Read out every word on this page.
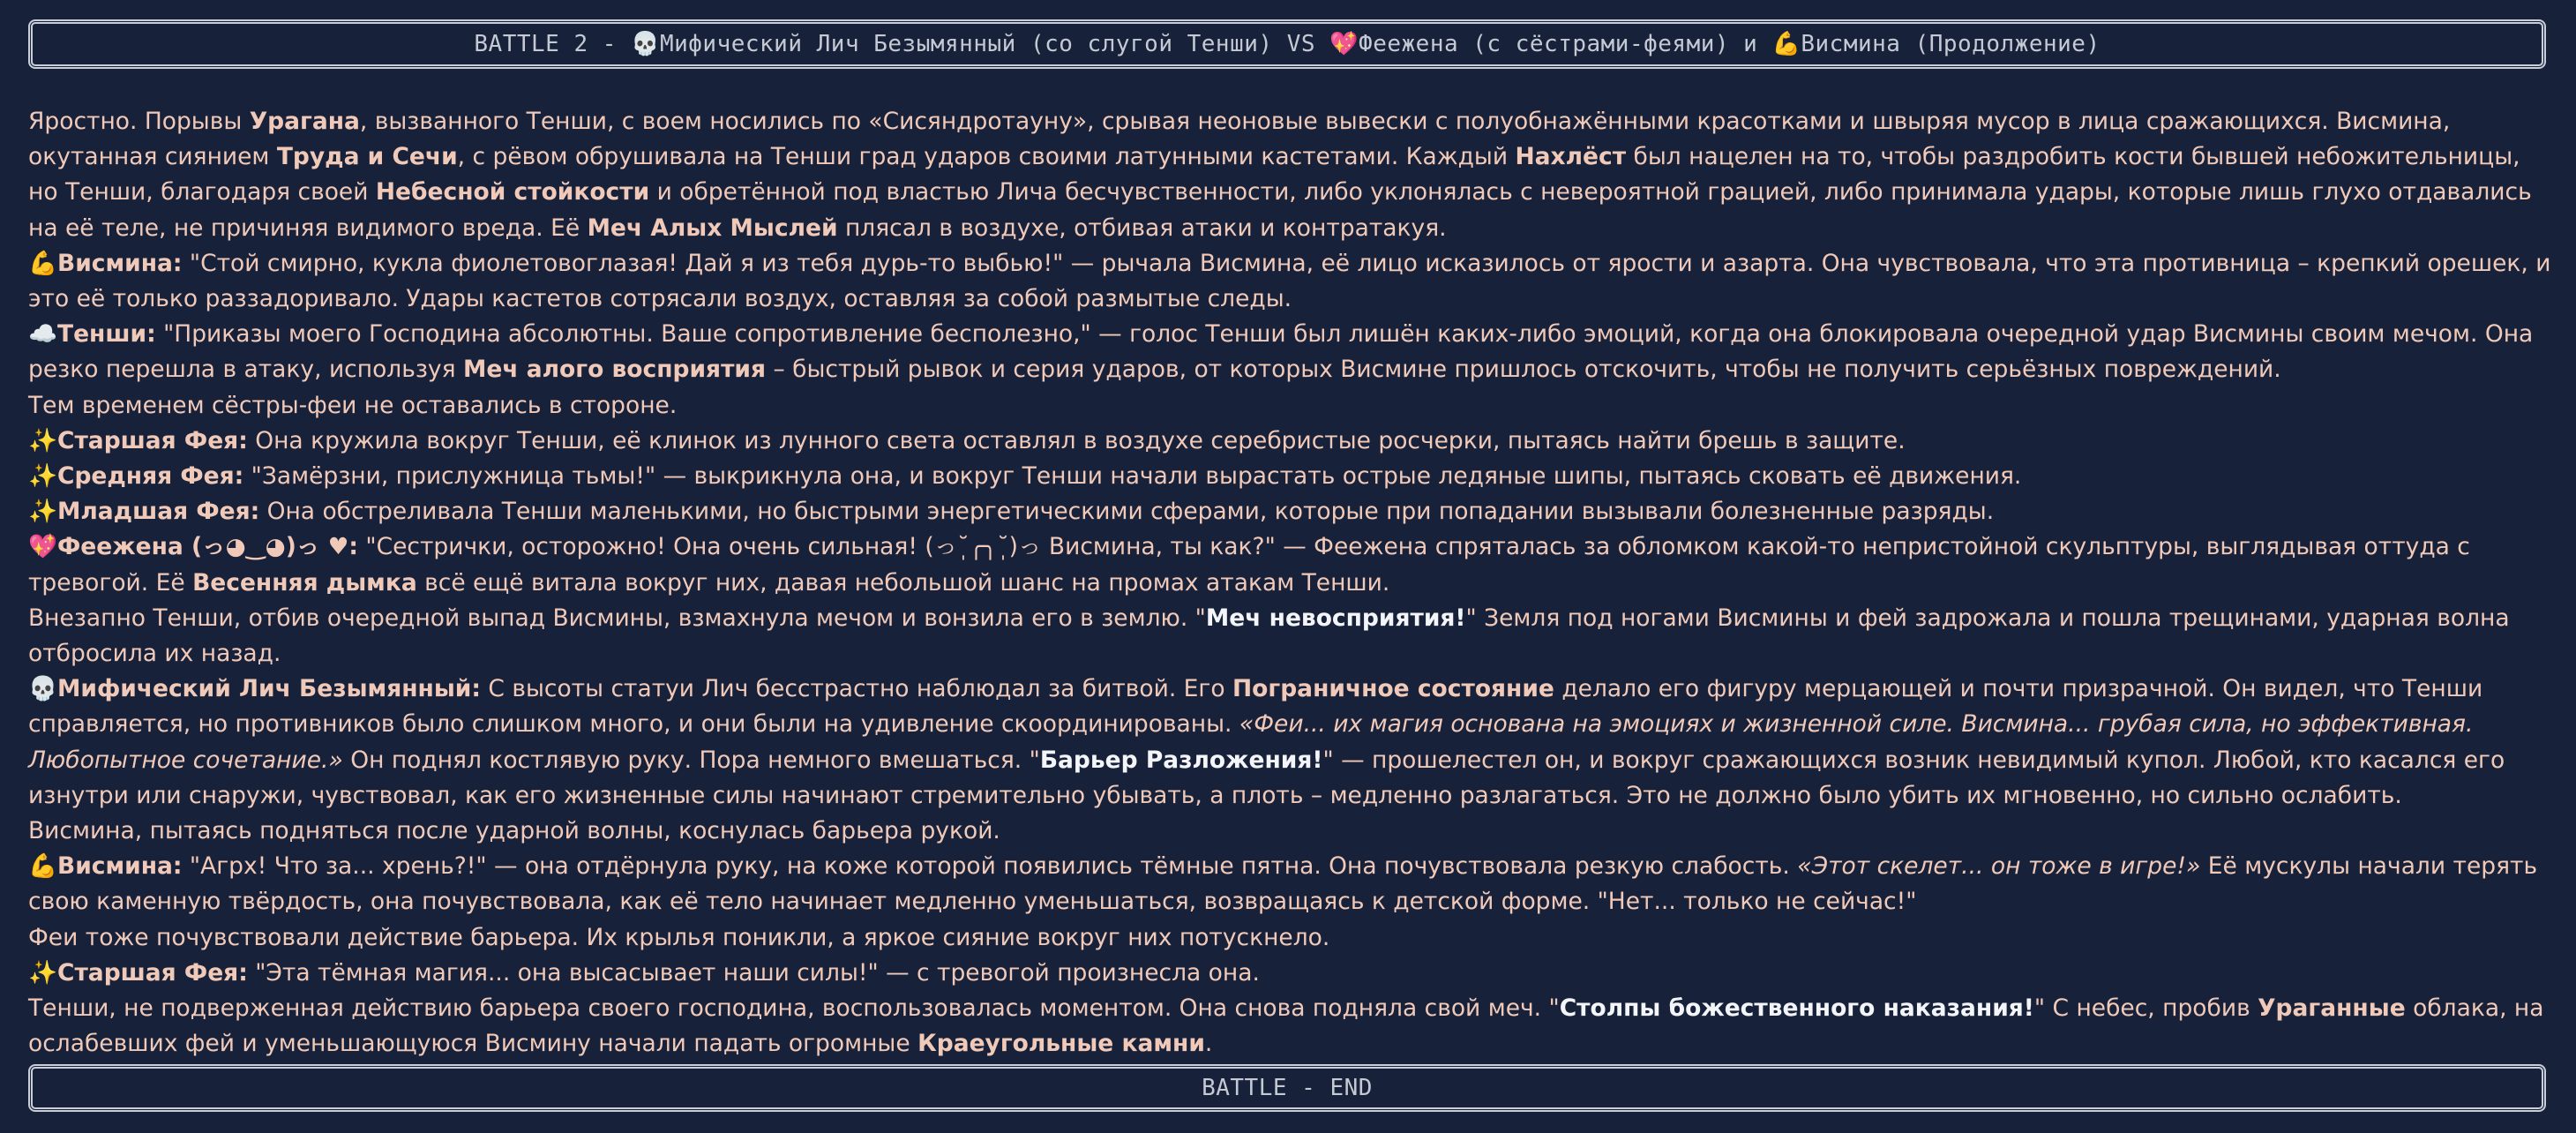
BATTLE 2 - 💀 Мифический Лич Безымянный (со слугой Тенши) VS 💖 Феежена (с сёстрами-феями) и 💪 Висмина (Продолжение)

Яростно. Порывы Урагана, вызванного Тенши, с воем носились по «Сисяндротауну», срывая неоновые вывески с полуобнажёнными красотками и швыряя мусор в лица сражающихся. Висмина, окутанная сиянием Труда и Сечи, с рёвом обрушивала на Тенши град ударов своими латунными кастетами. Каждый Нахлёст был нацелен на то, чтобы раздробить кости бывшей небожительницы, но Тенши, благодаря своей Небесной стойкости и обретённой под властью Лича бесчувственности, либо уклонялась с невероятной грацией, либо принимала удары, которые лишь глухо отдавались на её теле, не причиняя видимого вреда. Её Меч Алых Мыслей плясал в воздухе, отбивая атаки и контратакуя.

💪Висмина: "Стой смирно, кукла фиолетовоглазая! Дай я из тебя дурь-то выбью!" — рычала Висмина, её лицо исказилось от ярости и азарта. Она чувствовала, что эта противница – крепкий орешек, и это её только раззадоривало. Удары кастетов сотрясали воздух, оставляя за собой размытые следы.

☁️Тенши: "Приказы моего Господина абсолютны. Ваше сопротивление бесполезно," — голос Тенши был лишён каких-либо эмоций, когда она блокировала очередной удар Висмины своим мечом. Она резко перешла в атаку, используя Меч алого восприятия – быстрый рывок и серия ударов, от которых Висмине пришлось отскочить, чтобы не получить серьёзных повреждений.

Тем временем сёстры-феи не оставались в стороне.

✨Старшая Фея: Она кружила вокруг Тенши, её клинок из лунного света оставлял в воздухе серебристые росчерки, пытаясь найти брешь в защите.

✨Средняя Фея: "Замёрзни, прислужница тьмы!" — выкрикнула она, и вокруг Тенши начали вырастать острые ледяные шипы, пытаясь сковать её движения.

✨Младшая Фея: Она обстреливала Тенши маленькими, но быстрыми энергетическими сферами, которые при попадании вызывали болезненные разряды.

💖Феежена (っ◕‿◕)っ ♥: "Сестрички, осторожно! Она очень сильная! (っ˘̩╭╮˘̩)っ Висмина, ты как?" — Феежена спряталась за обломком какой-то непристойной скульптуры, выглядывая оттуда с тревогой. Её Весенняя дымка всё ещё витала вокруг них, давая небольшой шанс на промах атакам Тенши.

Внезапно Тенши, отбив очередной выпад Висмины, взмахнула мечом и вонзила его в землю. "Меч невосприятия!" Земля под ногами Висмины и фей задрожала и пошла трещинами, ударная волна отбросила их назад.

💀Мифический Лич Безымянный: С высоты статуи Лич бесстрастно наблюдал за битвой. Его Пограничное состояние делало его фигуру мерцающей и почти призрачной. Он видел, что Тенши справляется, но противников было слишком много, и они были на удивление скоординированы. «Феи... их магия основана на эмоциях и жизненной силе. Висмина... грубая сила, но эффективная. Любопытное сочетание.» Он поднял костлявую руку. Пора немного вмешаться. "Барьер Разложения!" — прошелестел он, и вокруг сражающихся возник невидимый купол. Любой, кто касался его изнутри или снаружи, чувствовал, как его жизненные силы начинают стремительно убывать, а плоть – медленно разлагаться. Это не должно было убить их мгновенно, но сильно ослабить.

Висмина, пытаясь подняться после ударной волны, коснулась барьера рукой.

💪Висмина: "Агрх! Что за... хрень?!" — она отдёрнула руку, на коже которой появились тёмные пятна. Она почувствовала резкую слабость. «Этот скелет... он тоже в игре!» Её мускулы начали терять свою каменную твёрдость, она почувствовала, как её тело начинает медленно уменьшаться, возвращаясь к детской форме. "Нет... только не сейчас!"

Феи тоже почувствовали действие барьера. Их крылья поникли, а яркое сияние вокруг них потускнело.

✨Старшая Фея: "Эта тёмная магия... она высасывает наши силы!" — с тревогой произнесла она.

Тенши, не подверженная действию барьера своего господина, воспользовалась моментом. Она снова подняла свой меч. "Столпы божественного наказания!" С небес, пробив Ураганные облака, на ослабевших фей и уменьшающуюся Висмину начали падать огромные Краеугольные камни.

BATTLE - END
